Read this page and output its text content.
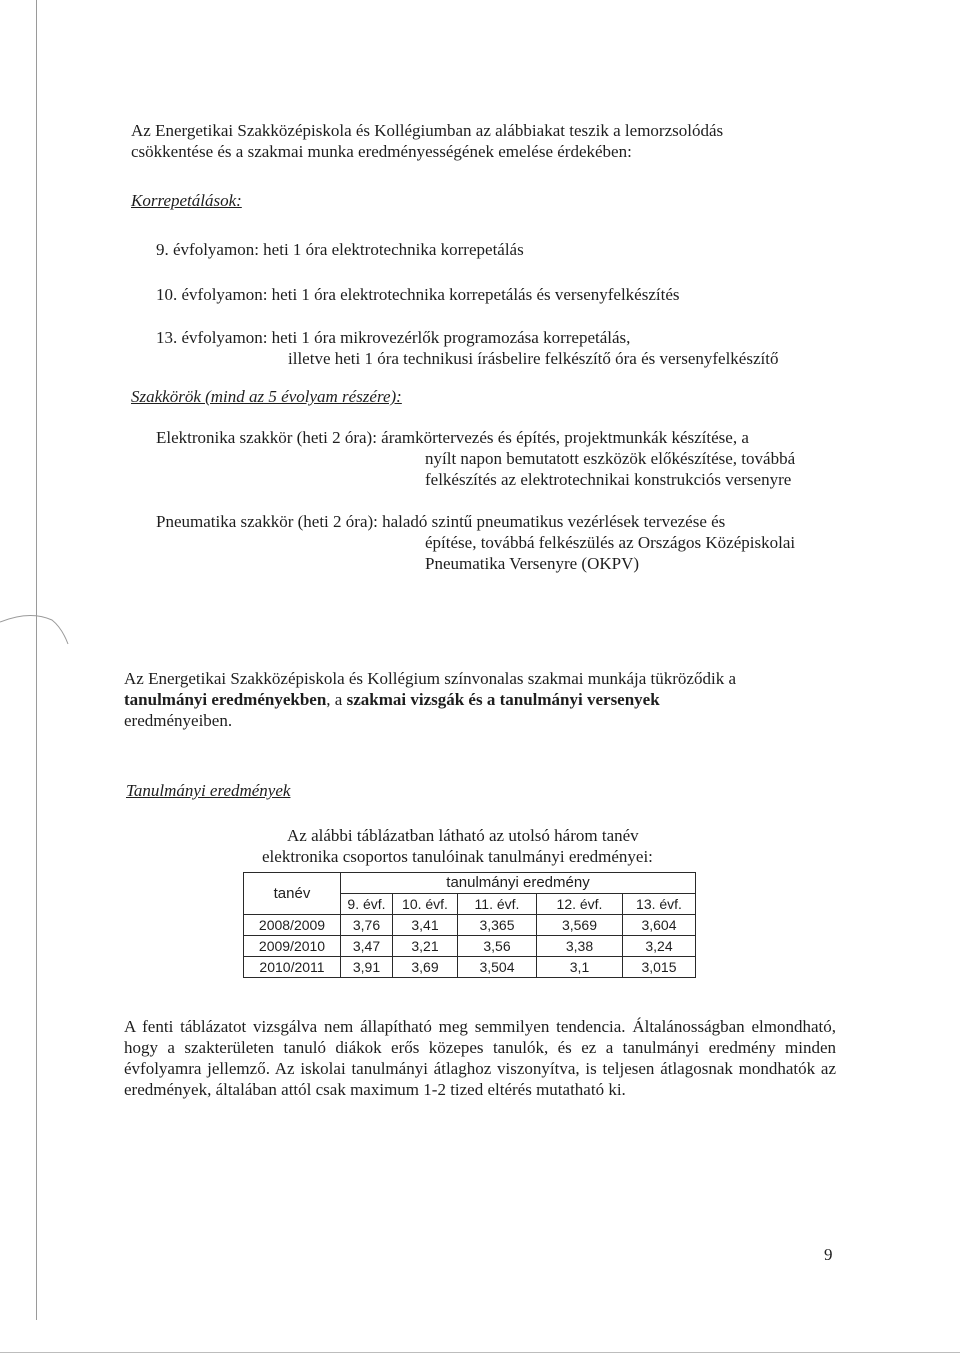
Az Energetikai Szakközépiskola és Kollégiumban az alábbiakat teszik a lemorzsolódás
csökkentése és a szakmai munka eredményességének emelése érdekében:
Korrepetálások:
9. évfolyamon: heti 1 óra elektrotechnika korrepetálás
10. évfolyamon: heti 1 óra elektrotechnika korrepetálás és versenyfelkészítés
13. évfolyamon: heti 1 óra mikrovezérlők programozása korrepetálás,
illetve heti 1 óra technikusi írásbelire felkészítő óra és versenyfelkészítő
Szakkörök (mind az 5 évolyam részére):
Elektronika szakkör (heti 2 óra): áramkörtervezés és építés, projektmunkák készítése, a
nyílt napon bemutatott eszközök előkészítése, továbbá
felkészítés az elektrotechnikai konstrukciós versenyre
Pneumatika szakkör (heti 2 óra): haladó szintű pneumatikus vezérlések tervezése és
építése, továbbá felkészülés az Országos Középiskolai
Pneumatika Versenyre (OKPV)
Az Energetikai Szakközépiskola és Kollégium színvonalas szakmai munkája tükröződik a
tanulmányi eredményekben, a szakmai vizsgák és a tanulmányi versenyek
eredményeiben.
Tanulmányi eredmények
Az alábbi táblázatban látható az utolsó három tanév
elektronika csoportos tanulóinak tanulmányi eredményei:
tanév	tanulmányi eredmény				
	9. évf.	10. évf.	11. évf.	12. évf.	13. évf.
2008/2009	3,76	3,41	3,365	3,569	3,604
2009/2010	3,47	3,21	3,56	3,38	3,24
2010/2011	3,91	3,69	3,504	3,1	3,015
A fenti táblázatot vizsgálva nem állapítható meg semmilyen tendencia. Általánosságban elmondható, hogy a szakterületen tanuló diákok erős közepes tanulók, és ez a tanulmányi eredmény minden évfolyamra jellemző. Az iskolai tanulmányi átlaghoz viszonyítva, is teljesen átlagosnak mondhatók az eredmények, általában attól csak maximum 1-2 tized eltérés mutatható ki.
9
